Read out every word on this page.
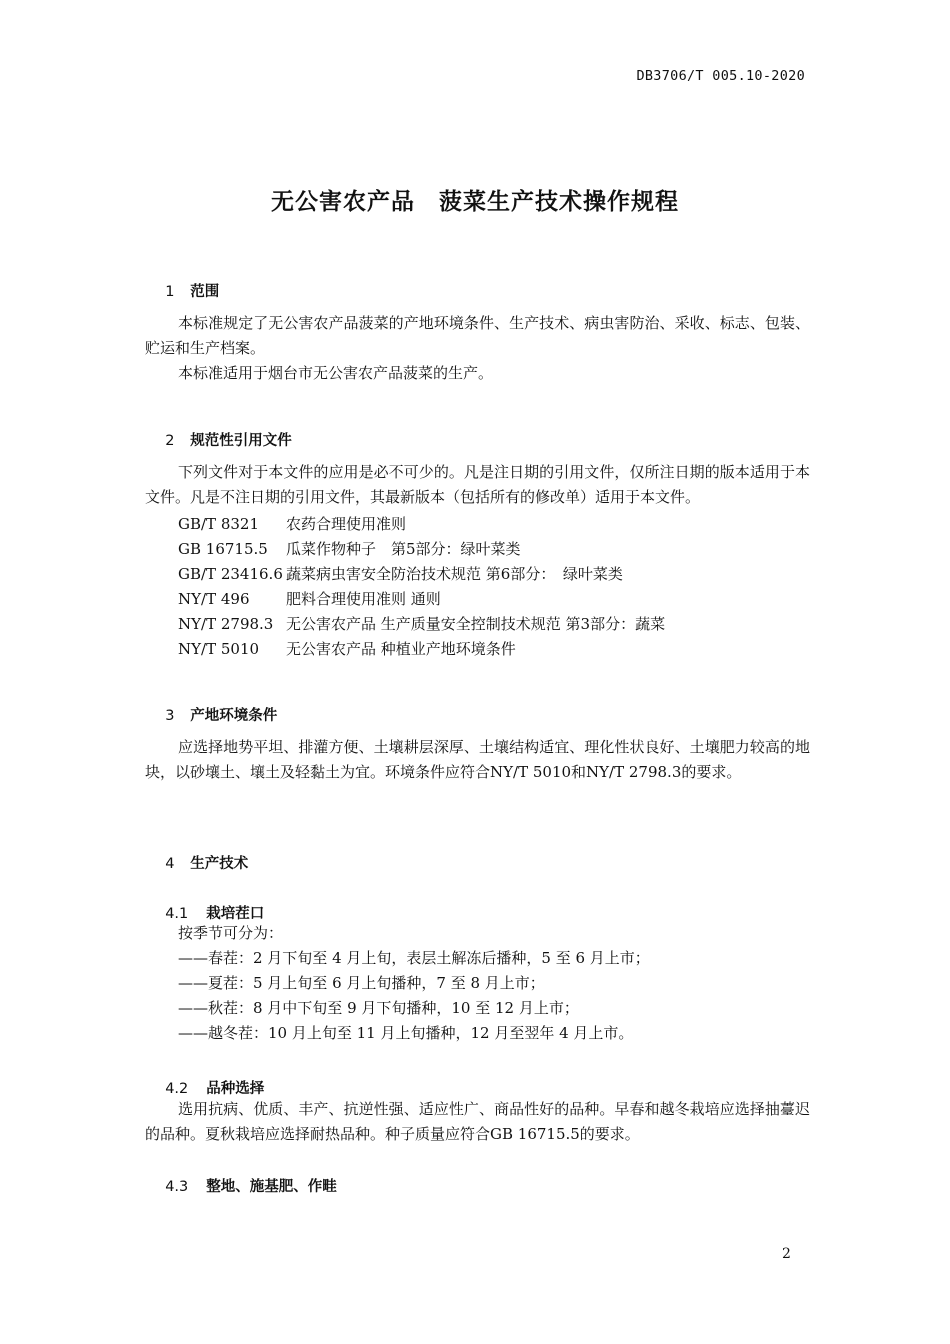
DB3706/T 005.10-2020
无公害农产品　菠菜生产技术操作规程

1 范围

本标准规定了无公害农产品菠菜的产地环境条件、生产技术、病虫害防治、采收、标志、包装、贮运和生产档案。

本标准适用于烟台市无公害农产品菠菜的生产。

2 规范性引用文件

下列文件对于本文件的应用是必不可少的。凡是注日期的引用文件，仅所注日期的版本适用于本文件。凡是不注日期的引用文件，其最新版本（包括所有的修改单）适用于本文件。

GB/T 8321 农药合理使用准则
GB 16715.5 瓜菜作物种子　第5部分：绿叶菜类
GB/T 23416.6 蔬菜病虫害安全防治技术规范 第6部分：　绿叶菜类
NY/T 496 肥料合理使用准则 通则
NY/T 2798.3 无公害农产品 生产质量安全控制技术规范 第3部分：蔬菜
NY/T 5010 无公害农产品 种植业产地环境条件

3 产地环境条件

应选择地势平坦、排灌方便、土壤耕层深厚、土壤结构适宜、理化性状良好、土壤肥力较高的地块，以砂壤土、壤土及轻黏土为宜。环境条件应符合NY/T 5010和NY/T 2798.3的要求。

4 生产技术

4.1 栽培茬口

按季节可分为：
——春茬：2 月下旬至 4 月上旬，表层土解冻后播种，5 至 6 月上市；
——夏茬：5 月上旬至 6 月上旬播种，7 至 8 月上市；
——秋茬：8 月中下旬至 9 月下旬播种，10 至 12 月上市；
——越冬茬：10 月上旬至 11 月上旬播种，12 月至翌年 4 月上市。

4.2 品种选择

选用抗病、优质、丰产、抗逆性强、适应性广、商品性好的品种。早春和越冬栽培应选择抽薹迟的品种。夏秋栽培应选择耐热品种。种子质量应符合GB 16715.5的要求。

4.3 整地、施基肥、作畦

2
